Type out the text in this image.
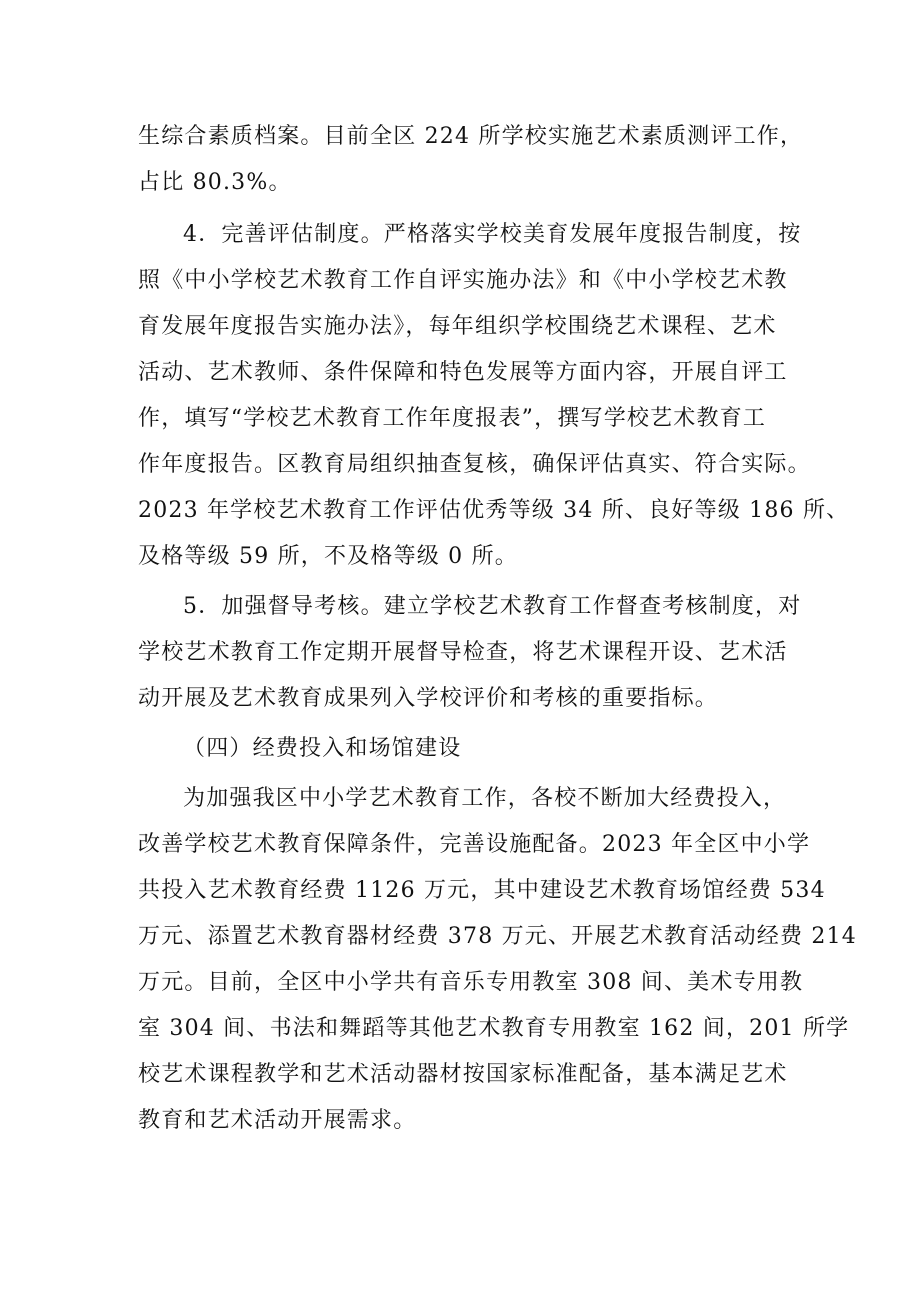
生综合素质档案。目前全区 224 所学校实施艺术素质测评工作，
占比 80.3%。
4．完善评估制度。严格落实学校美育发展年度报告制度，按
照《中小学校艺术教育工作自评实施办法》和《中小学校艺术教
育发展年度报告实施办法》，每年组织学校围绕艺术课程、艺术
活动、艺术教师、条件保障和特色发展等方面内容，开展自评工
作，填写“学校艺术教育工作年度报表”，撰写学校艺术教育工
作年度报告。区教育局组织抽查复核，确保评估真实、符合实际。
2023 年学校艺术教育工作评估优秀等级 34 所、良好等级 186 所、
及格等级 59 所，不及格等级 0 所。
5．加强督导考核。建立学校艺术教育工作督查考核制度，对
学校艺术教育工作定期开展督导检查，将艺术课程开设、艺术活
动开展及艺术教育成果列入学校评价和考核的重要指标。
（四）经费投入和场馆建设
为加强我区中小学艺术教育工作，各校不断加大经费投入，
改善学校艺术教育保障条件，完善设施配备。2023 年全区中小学
共投入艺术教育经费 1126 万元，其中建设艺术教育场馆经费 534
万元、添置艺术教育器材经费 378 万元、开展艺术教育活动经费 214
万元。目前，全区中小学共有音乐专用教室 308 间、美术专用教
室 304 间、书法和舞蹈等其他艺术教育专用教室 162 间，201 所学
校艺术课程教学和艺术活动器材按国家标准配备，基本满足艺术
教育和艺术活动开展需求。
